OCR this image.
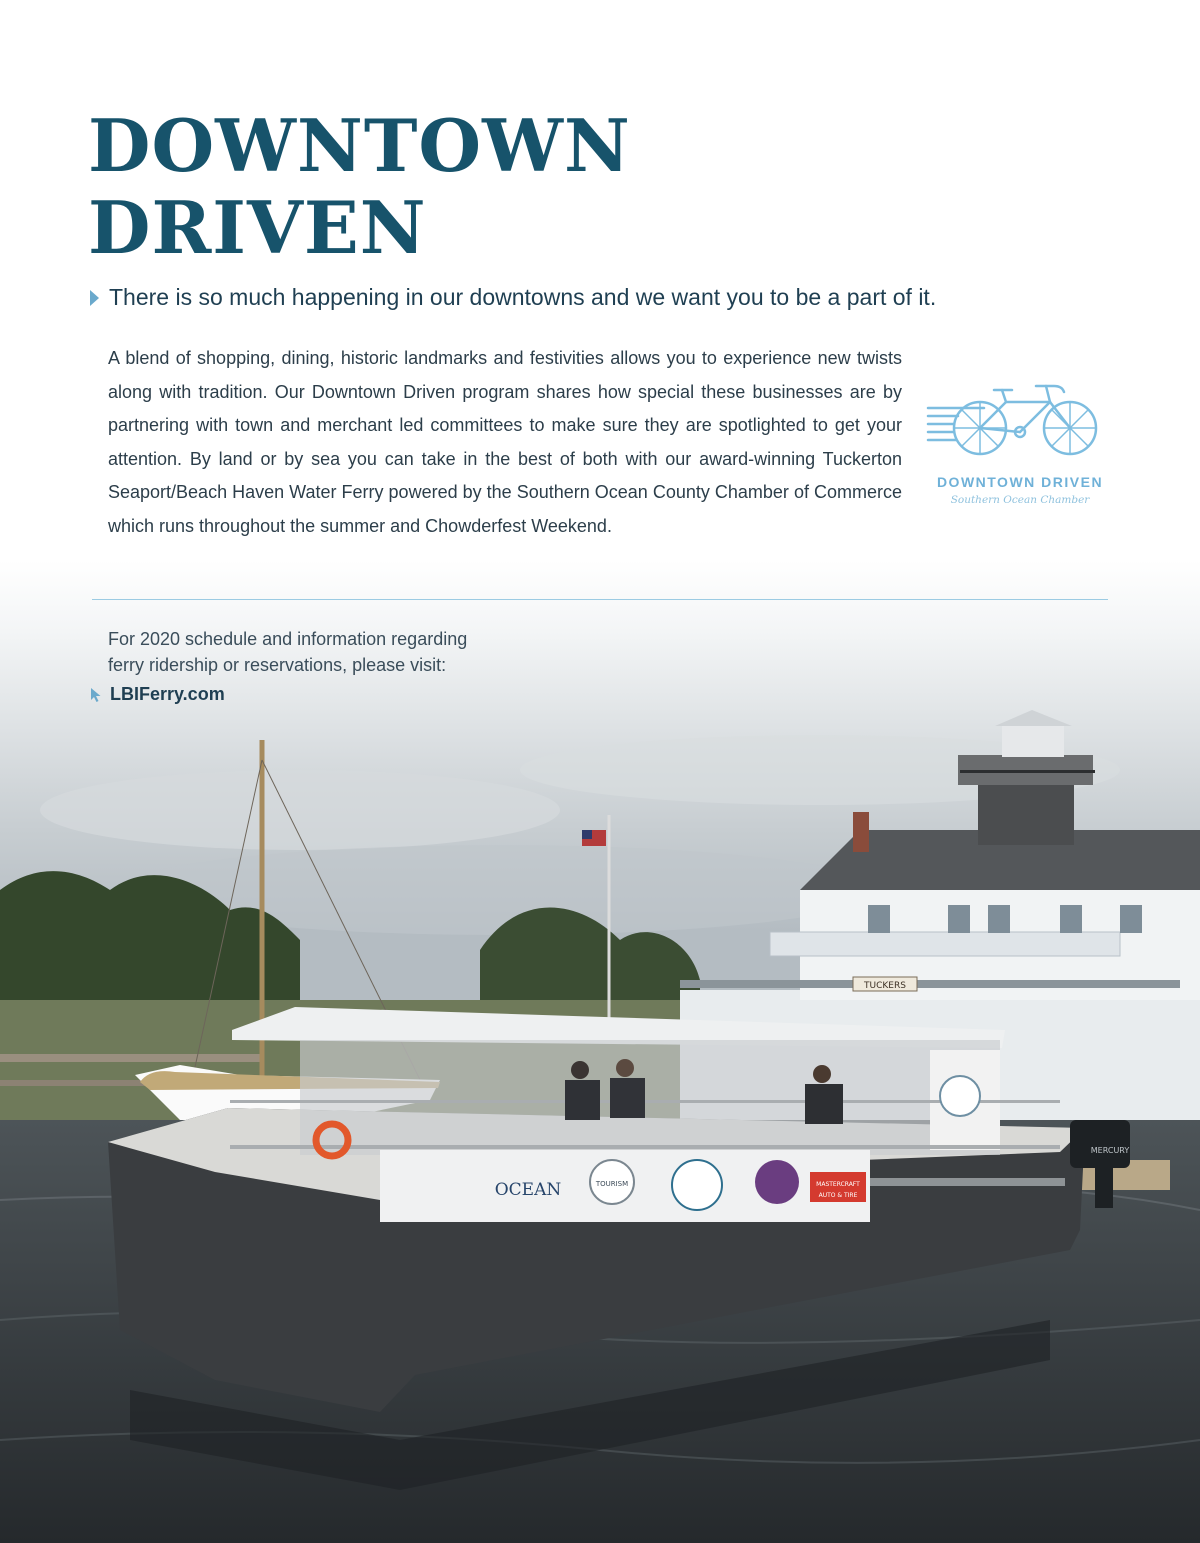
TUCKERS
OCEAN	TOURISM	MASTERCRAFT
AUTO & TIRE
MERCURY
DOWNTOWN
DRIVEN
There is so much happening in our downtowns and we want you to be a part of it.

A blend of shopping, dining, historic landmarks and festivities allows you to experience new twists along with tradition. Our Downtown Driven program shares how special these businesses are by partnering with town and merchant led committees to make sure they are spotlighted to get your attention. By land or by sea you can take in the best of both with our award-winning Tuckerton Seaport/Beach Haven Water Ferry powered by the Southern Ocean County Chamber of Commerce which runs throughout the summer and Chowderfest Weekend.

DOWNTOWN DRIVEN
Southern Ocean Chamber
For 2020 schedule and information regarding
ferry ridership or reservations, please visit:
LBIFerry.com
